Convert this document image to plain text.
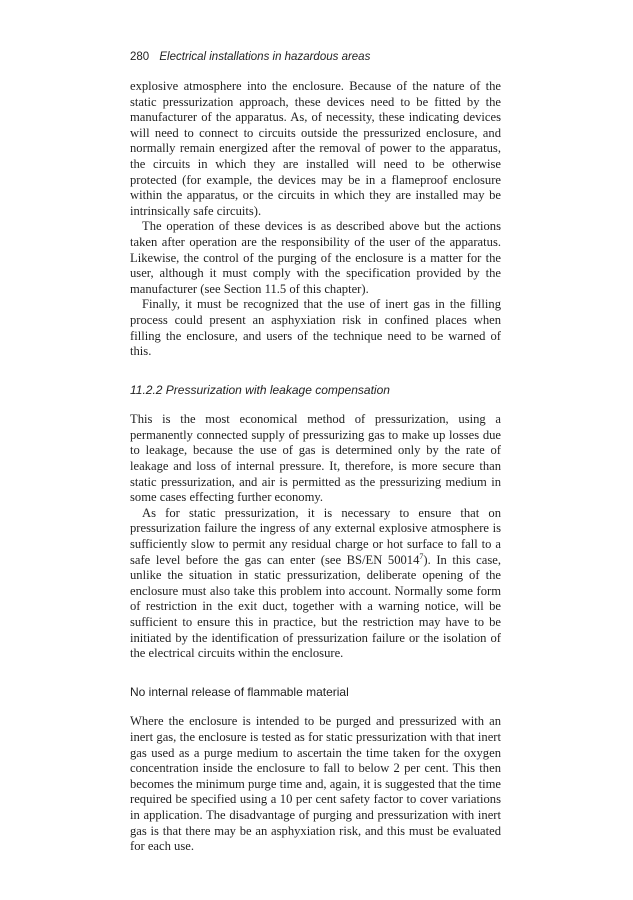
280 Electrical installations in hazardous areas

explosive atmosphere into the enclosure. Because of the nature of the static pressurization approach, these devices need to be fitted by the manufacturer of the apparatus. As, of necessity, these indicating devices will need to connect to circuits outside the pressurized enclosure, and normally remain energized after the removal of power to the apparatus, the circuits in which they are installed will need to be otherwise protected (for example, the devices may be in a flameproof enclosure within the apparatus, or the circuits in which they are installed may be intrinsically safe circuits).

The operation of these devices is as described above but the actions taken after operation are the responsibility of the user of the apparatus. Likewise, the control of the purging of the enclosure is a matter for the user, although it must comply with the specification provided by the manufacturer (see Section 11.5 of this chapter).

Finally, it must be recognized that the use of inert gas in the filling process could present an asphyxiation risk in confined places when filling the enclosure, and users of the technique need to be warned of this.

11.2.2 Pressurization with leakage compensation

This is the most economical method of pressurization, using a permanently connected supply of pressurizing gas to make up losses due to leakage, because the use of gas is determined only by the rate of leakage and loss of internal pressure. It, therefore, is more secure than static pressurization, and air is permitted as the pressurizing medium in some cases effecting further economy.

As for static pressurization, it is necessary to ensure that on pressurization failure the ingress of any external explosive atmosphere is sufficiently slow to permit any residual charge or hot surface to fall to a safe level before the gas can enter (see BS/EN 50014$^7$). In this case, unlike the situation in static pressurization, deliberate opening of the enclosure must also take this problem into account. Normally some form of restriction in the exit duct, together with a warning notice, will be sufficient to ensure this in practice, but the restriction may have to be initiated by the identification of pressurization failure or the isolation of the electrical circuits within the enclosure.

No internal release of flammable material

Where the enclosure is intended to be purged and pressurized with an inert gas, the enclosure is tested as for static pressurization with that inert gas used as a purge medium to ascertain the time taken for the oxygen concentration inside the enclosure to fall to below 2 per cent. This then becomes the minimum purge time and, again, it is suggested that the time required be specified using a 10 per cent safety factor to cover variations in application. The disadvantage of purging and pressurization with inert gas is that there may be an asphyxiation risk, and this must be evaluated for each use.
